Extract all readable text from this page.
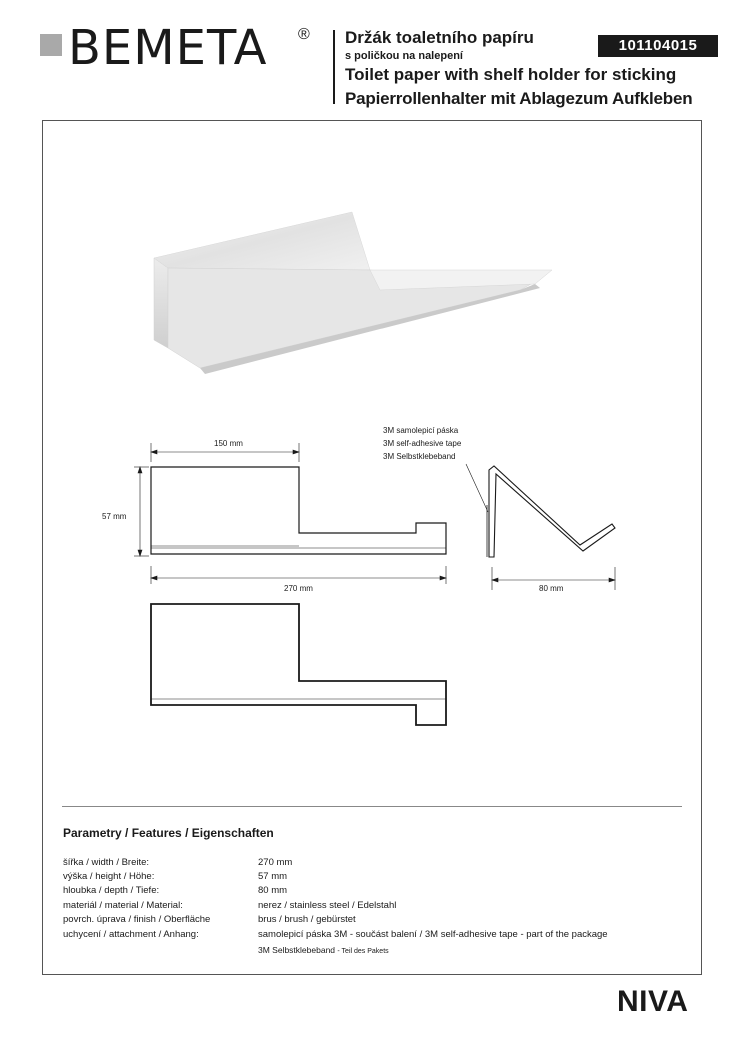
BEMETA ® Držák toaletního papíru
s poličkou na nalepení
Toilet paper with shelf holder for sticking
Papierrollenhalter mit Ablagezum Aufkleben
101104015
150 mm
57 mm
270 mm	80 mm
3M samolepicí páska
3M self-adhesive tape
3M Selbstklebeband
Parametry / Features / Eigenschaften
šířka / width / Breite:	270 mm
výška / height / Höhe:	57 mm
hloubka / depth / Tiefe:	80 mm
materiál / material / Material:	nerez / stainless steel / Edelstahl
povrch. úprava / finish / Oberfläche	brus / brush / gebürstet
uchycení / attachment / Anhang:	samolepicí páska 3M - součást balení / 3M self-adhesive tape - part of the package
3M Selbstklebeband - Teil des Pakets
NIVA
